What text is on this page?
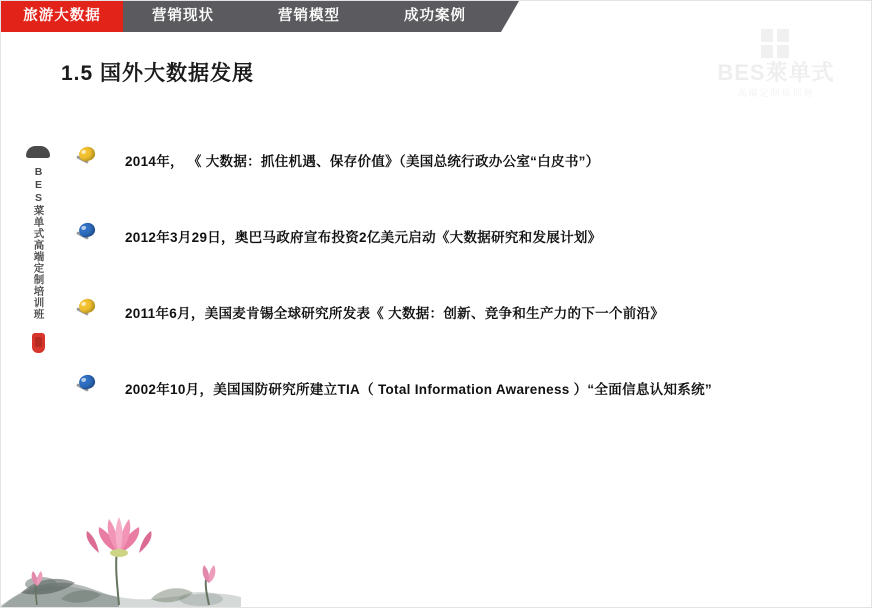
旅游大数据	营销现状	营销模型	成功案例
BES萊单式
高端定制培训班
1.5 国外大数据发展
BES菜单式高端定制培训班
2014年， 《 大数据：抓住机遇、保存价值》（美国总统行政办公室“白皮书”）
2012年3月29日，奥巴马政府宣布投资2亿美元启动《大数据研究和发展计划》
2011年6月，美国麦肯锡全球研究所发表《 大数据：创新、竞争和生产力的下一个前沿》
2002年10月，美国国防研究所建立TIA（ Total Information Awareness ）“全面信息认知系统”
